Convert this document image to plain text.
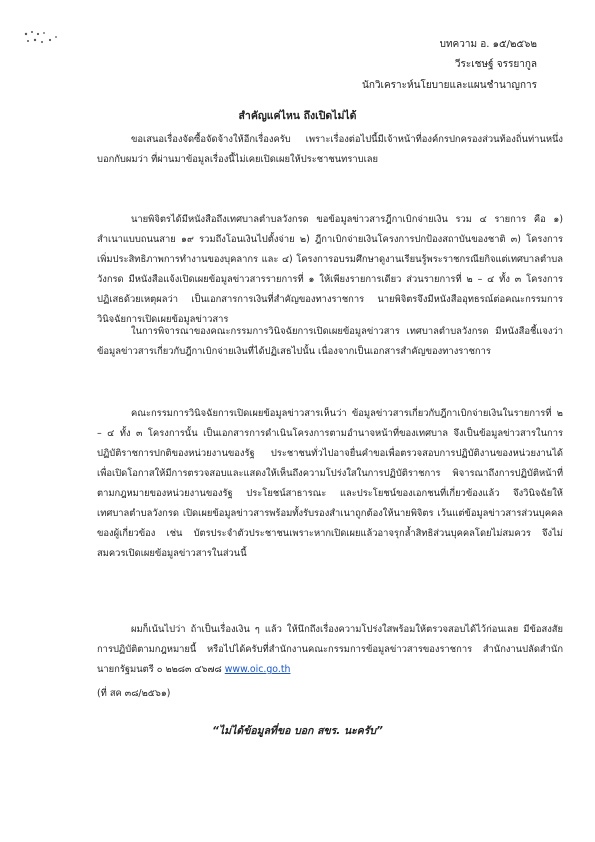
บทความ อ. ๑๕/๒๕๖๒
วีระเชษฐ์ จรรยากูล
นักวิเคราะห์นโยบายและแผนชำนาญการ
สำคัญแค่ไหน ถึงเปิดไม่ได้

ขอเสนอเรื่องจัดซื้อจัดจ้างให้อีกเรื่องครับ เพราะเรื่องต่อไปนี้มีเจ้าหน้าที่องค์กรปกครองส่วนท้องถิ่นท่านหนึ่งบอกกับผมว่า ที่ผ่านมาข้อมูลเรื่องนี้ไม่เคยเปิดเผยให้ประชาชนทราบเลย

นายพิจิตรได้มีหนังสือถึงเทศบาลตำบลวังกรด ขอข้อมูลข่าวสารฎีกาเบิกจ่ายเงิน รวม ๔ รายการ คือ ๑) สำเนาแบบถนนสาย ๑๙ รวมถึงโอนเงินไปตั้งจ่าย ๒) ฎีกาเบิกจ่ายเงินโครงการปกป้องสถาบันของชาติ ๓) โครงการเพิ่มประสิทธิภาพการทำงานของบุคลากร และ ๔) โครงการอบรมศึกษาดูงานเรียนรู้พระราชกรณียกิจแต่เทศบาลตำบลวังกรด มีหนังสือแจ้งเปิดเผยข้อมูลข่าวสารรายการที่ ๑ ให้เพียงรายการเดียว ส่วนรายการที่ ๒ – ๔ ทั้ง ๓ โครงการปฏิเสธด้วยเหตุผลว่า เป็นเอกสารการเงินที่สำคัญของทางราชการ นายพิจิตรจึงมีหนังสืออุทธรณ์ต่อคณะกรรมการวินิจฉัยการเปิดเผยข้อมูลข่าวสาร

ในการพิจารณาของคณะกรรมการวินิจฉัยการเปิดเผยข้อมูลข่าวสาร เทศบาลตำบลวังกรด มีหนังสือชี้แจงว่า ข้อมูลข่าวสารเกี่ยวกับฎีกาเบิกจ่ายเงินที่ได้ปฏิเสธไปนั้น เนื่องจากเป็นเอกสารสำคัญของทางราชการ

คณะกรรมการวินิจฉัยการเปิดเผยข้อมูลข่าวสารเห็นว่า ข้อมูลข่าวสารเกี่ยวกับฎีกาเบิกจ่ายเงินในรายการที่ ๒ – ๔ ทั้ง ๓ โครงการนั้น เป็นเอกสารการดำเนินโครงการตามอำนาจหน้าที่ของเทศบาล จึงเป็นข้อมูลข่าวสารในการปฏิบัติราชการปกติของหน่วยงานของรัฐ ประชาชนทั่วไปอาจยื่นคำขอเพื่อตรวจสอบการปฏิบัติงานของหน่วยงานได้ เพื่อเปิดโอกาสให้มีการตรวจสอบและแสดงให้เห็นถึงความโปร่งใสในการปฏิบัติราชการ พิจารณาถึงการปฏิบัติหน้าที่ตามกฎหมายของหน่วยงานของรัฐ ประโยชน์สาธารณะ และประโยชน์ของเอกชนที่เกี่ยวข้องแล้ว จึงวินิจฉัยให้เทศบาลตำบลวังกรด เปิดเผยข้อมูลข่าวสารพร้อมทั้งรับรองสำเนาถูกต้องให้นายพิจิตร เว้นแต่ข้อมูลข่าวสารส่วนบุคคลของผู้เกี่ยวข้อง เช่น บัตรประจำตัวประชาชนเพราะหากเปิดเผยแล้วอาจรุกล้ำสิทธิส่วนบุคคลโดยไม่สมควร จึงไม่สมควรเปิดเผยข้อมูลข่าวสารในส่วนนี้

ผมก็เน้นไปว่า ถ้าเป็นเรื่องเงิน ๆ แล้ว ให้นึกถึงเรื่องความโปร่งใสพร้อมให้ตรวจสอบได้ไว้ก่อนเลย มีข้อสงสัยการปฏิบัติตามกฎหมายนี้ หรือไปได้ครับที่สำนักงานคณะกรรมการข้อมูลข่าวสารของราชการ สำนักงานปลัดสำนักนายกรัฐมนตรี ๐ ๒๒๘๓ ๔๖๗๘ www.oic.go.th

(ที่ สค ๓๘/๒๕๖๑)
“ไม่ได้ข้อมูลที่ขอ บอก สขร. นะครับ”
